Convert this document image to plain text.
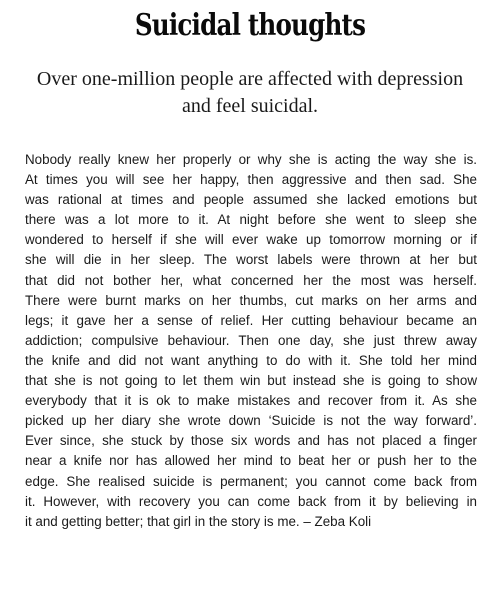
Suicidal thoughts
Over one-million people are affected with depression
and feel suicidal.
Nobody really knew her properly or why she is acting the way she is.
At times you will see her happy, then aggressive and then sad. She
was rational at times and people assumed she lacked emotions but
there was a lot more to it. At night before she went to sleep she
wondered to herself if she will ever wake up tomorrow morning or if
she will die in her sleep. The worst labels were thrown at her but
that did not bother her, what concerned her the most was herself.
There were burnt marks on her thumbs, cut marks on her arms and
legs; it gave her a sense of relief. Her cutting behaviour became an
addiction; compulsive behaviour. Then one day, she just threw away
the knife and did not want anything to do with it. She told her mind
that she is not going to let them win but instead she is going to show
everybody that it is ok to make mistakes and recover from it. As she
picked up her diary she wrote down ‘Suicide is not the way forward’.
Ever since, she stuck by those six words and has not placed a finger
near a knife nor has allowed her mind to beat her or push her to the
edge. She realised suicide is permanent; you cannot come back from
it. However, with recovery you can come back from it by believing in
it and getting better; that girl in the story is me. – Zeba Koli
